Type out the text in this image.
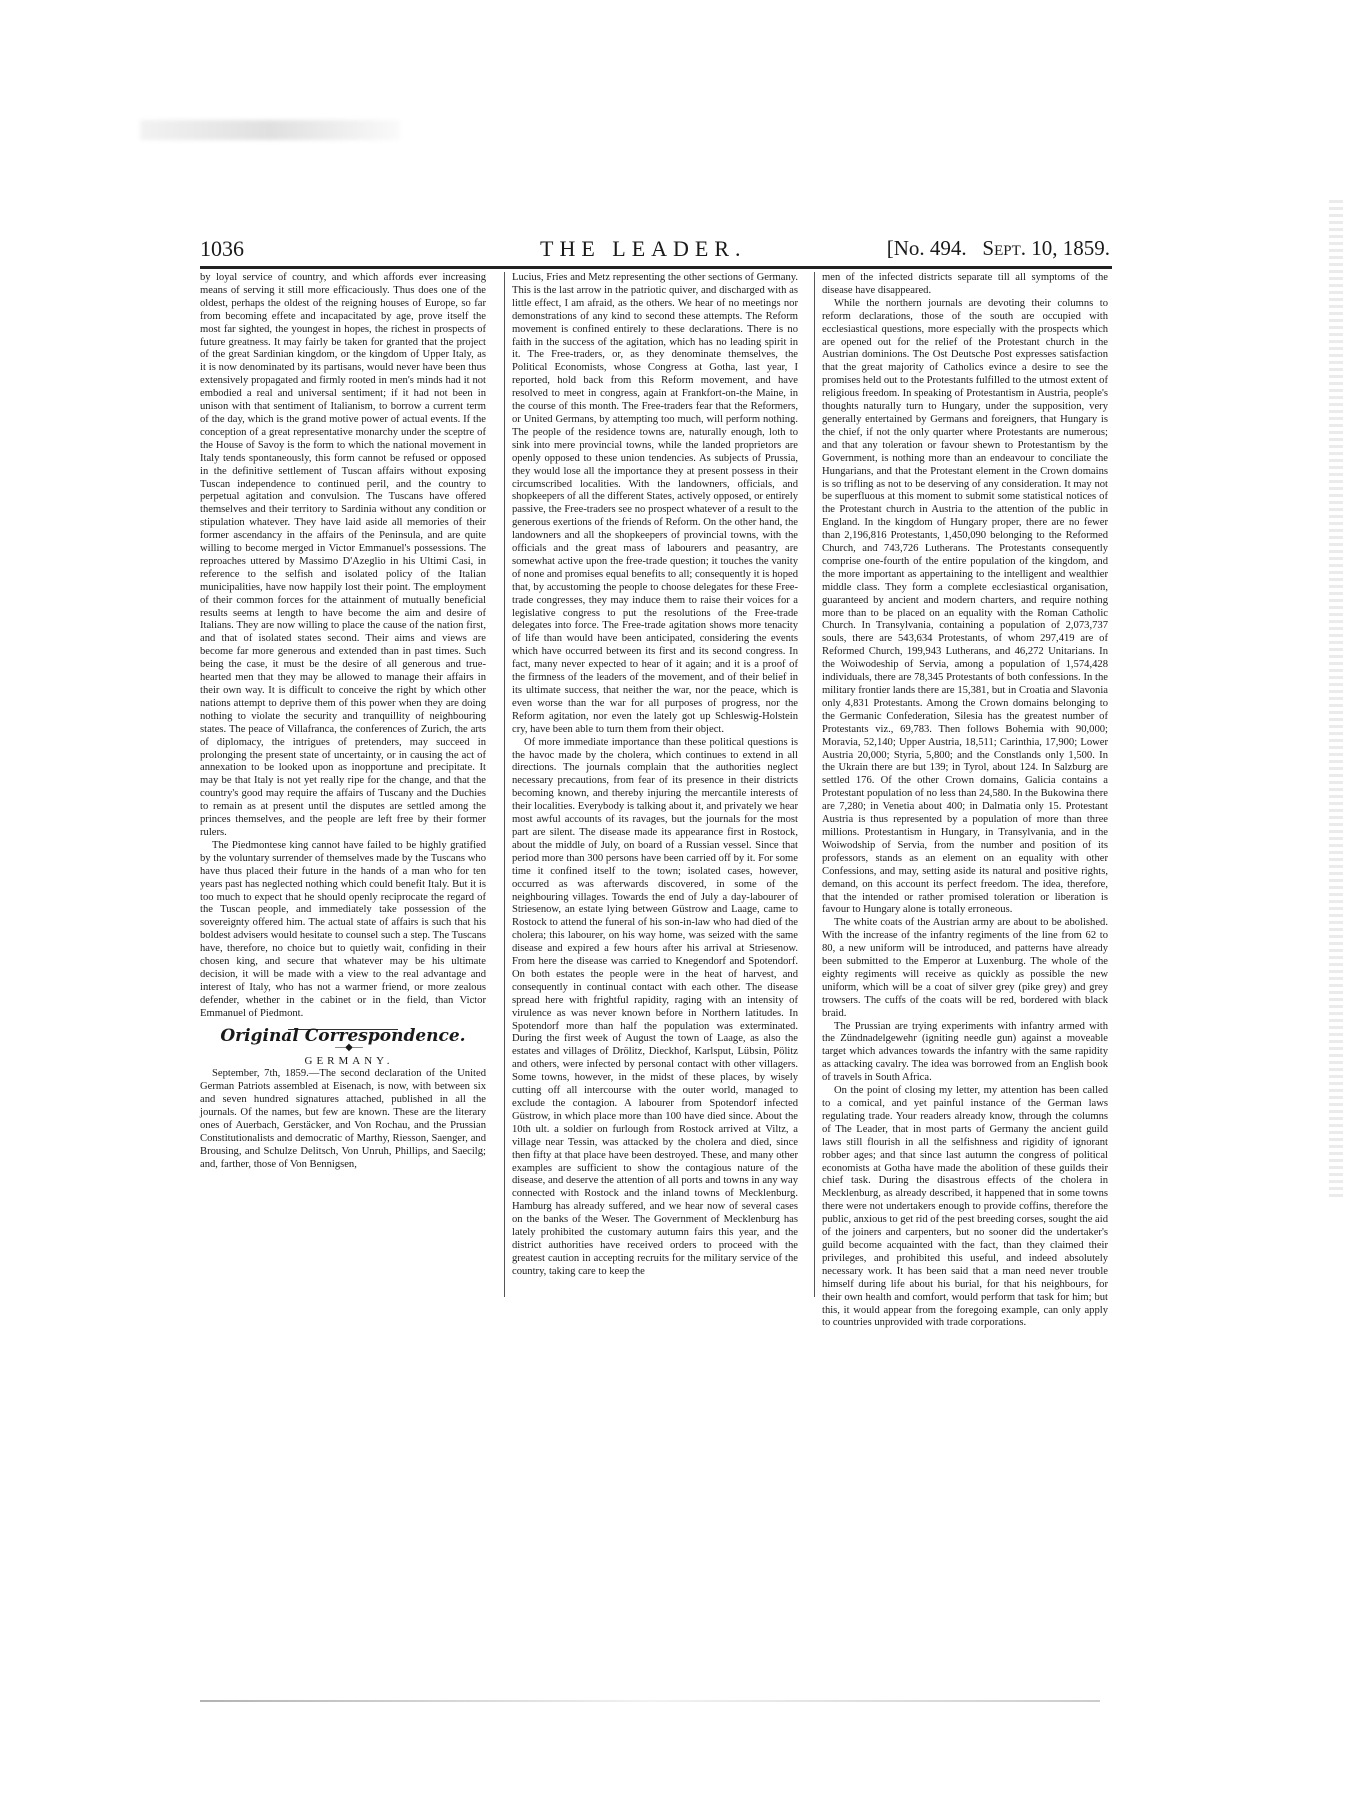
1036	THE LEADER.	[No. 494. Sept. 10, 1859.

by loyal service of country, and which affords ever increasing means of serving it still more efficaciously. Thus does one of the oldest, perhaps the oldest of the reigning houses of Europe, so far from becoming effete and incapacitated by age, prove itself the most far sighted, the youngest in hopes, the richest in prospects of future greatness. It may fairly be taken for granted that the project of the great Sardinian kingdom, or the kingdom of Upper Italy, as it is now denominated by its partisans, would never have been thus extensively propagated and firmly rooted in men's minds had it not embodied a real and universal sentiment; if it had not been in unison with that sentiment of Italianism, to borrow a current term of the day, which is the grand motive power of actual events. If the conception of a great representative monarchy under the sceptre of the House of Savoy is the form to which the national movement in Italy tends spontaneously, this form cannot be refused or opposed in the definitive settlement of Tuscan affairs without exposing Tuscan independence to continued peril, and the country to perpetual agitation and convulsion. The Tuscans have offered themselves and their territory to Sardinia without any condition or stipulation whatever. They have laid aside all memories of their former ascendancy in the affairs of the Peninsula, and are quite willing to become merged in Victor Emmanuel's possessions. The reproaches uttered by Massimo D'Azeglio in his Ultimi Casi, in reference to the selfish and isolated policy of the Italian municipalities, have now happily lost their point. The employment of their common forces for the attainment of mutually beneficial results seems at length to have become the aim and desire of Italians. They are now willing to place the cause of the nation first, and that of isolated states second. Their aims and views are become far more generous and extended than in past times. Such being the case, it must be the desire of all generous and true-hearted men that they may be allowed to manage their affairs in their own way. It is difficult to conceive the right by which other nations attempt to deprive them of this power when they are doing nothing to violate the security and tranquillity of neighbouring states. The peace of Villafranca, the conferences of Zurich, the arts of diplomacy, the intrigues of pretenders, may succeed in prolonging the present state of uncertainty, or in causing the act of annexation to be looked upon as inopportune and precipitate. It may be that Italy is not yet really ripe for the change, and that the country's good may require the affairs of Tuscany and the Duchies to remain as at present until the disputes are settled among the princes themselves, and the people are left free by their former rulers.

The Piedmontese king cannot have failed to be highly gratified by the voluntary surrender of themselves made by the Tuscans who have thus placed their future in the hands of a man who for ten years past has neglected nothing which could benefit Italy. But it is too much to expect that he should openly reciprocate the regard of the Tuscan people, and immediately take possession of the sovereignty offered him. The actual state of affairs is such that his boldest advisers would hesitate to counsel such a step. The Tuscans have, therefore, no choice but to quietly wait, confiding in their chosen king, and secure that whatever may be his ultimate decision, it will be made with a view to the real advantage and interest of Italy, who has not a warmer friend, or more zealous defender, whether in the cabinet or in the field, than Victor Emmanuel of Piedmont.

Original Correspondence.

—◆—

GERMANY.

September, 7th, 1859.—The second declaration of the United German Patriots assembled at Eisenach, is now, with between six and seven hundred signatures attached, published in all the journals. Of the names, but few are known. These are the literary ones of Auerbach, Gerstäcker, and Von Rochau, and the Prussian Constitutionalists and democratic of Marthy, Riesson, Saenger, and Brousing, and Schulze Delitsch, Von Unruh, Phillips, and Saecilg; and, farther, those of Von Bennigsen,

Lucius, Fries and Metz representing the other sections of Germany. This is the last arrow in the patriotic quiver, and discharged with as little effect, I am afraid, as the others. We hear of no meetings nor demonstrations of any kind to second these attempts. The Reform movement is confined entirely to these declarations. There is no faith in the success of the agitation, which has no leading spirit in it. The Free-traders, or, as they denominate themselves, the Political Economists, whose Congress at Gotha, last year, I reported, hold back from this Reform movement, and have resolved to meet in congress, again at Frankfort-on-the Maine, in the course of this month. The Free-traders fear that the Reformers, or United Germans, by attempting too much, will perform nothing. The people of the residence towns are, naturally enough, loth to sink into mere provincial towns, while the landed proprietors are openly opposed to these union tendencies. As subjects of Prussia, they would lose all the importance they at present possess in their circumscribed localities. With the landowners, officials, and shopkeepers of all the different States, actively opposed, or entirely passive, the Free-traders see no prospect whatever of a result to the generous exertions of the friends of Reform. On the other hand, the landowners and all the shopkeepers of provincial towns, with the officials and the great mass of labourers and peasantry, are somewhat active upon the free-trade question; it touches the vanity of none and promises equal benefits to all; consequently it is hoped that, by accustoming the people to choose delegates for these Free-trade congresses, they may induce them to raise their voices for a legislative congress to put the resolutions of the Free-trade delegates into force. The Free-trade agitation shows more tenacity of life than would have been anticipated, considering the events which have occurred between its first and its second congress. In fact, many never expected to hear of it again; and it is a proof of the firmness of the leaders of the movement, and of their belief in its ultimate success, that neither the war, nor the peace, which is even worse than the war for all purposes of progress, nor the Reform agitation, nor even the lately got up Schleswig-Holstein cry, have been able to turn them from their object.

Of more immediate importance than these political questions is the havoc made by the cholera, which continues to extend in all directions. The journals complain that the authorities neglect necessary precautions, from fear of its presence in their districts becoming known, and thereby injuring the mercantile interests of their localities. Everybody is talking about it, and privately we hear most awful accounts of its ravages, but the journals for the most part are silent. The disease made its appearance first in Rostock, about the middle of July, on board of a Russian vessel. Since that period more than 300 persons have been carried off by it. For some time it confined itself to the town; isolated cases, however, occurred as was afterwards discovered, in some of the neighbouring villages. Towards the end of July a day-labourer of Striesenow, an estate lying between Güstrow and Laage, came to Rostock to attend the funeral of his son-in-law who had died of the cholera; this labourer, on his way home, was seized with the same disease and expired a few hours after his arrival at Striesenow. From here the disease was carried to Knegendorf and Spotendorf. On both estates the people were in the heat of harvest, and consequently in continual contact with each other. The disease spread here with frightful rapidity, raging with an intensity of virulence as was never known before in Northern latitudes. In Spotendorf more than half the population was exterminated. During the first week of August the town of Laage, as also the estates and villages of Drölitz, Dieckhof, Karlsput, Lübsin, Pölitz and others, were infected by personal contact with other villagers. Some towns, however, in the midst of these places, by wisely cutting off all intercourse with the outer world, managed to exclude the contagion. A labourer from Spotendorf infected Güstrow, in which place more than 100 have died since. About the 10th ult. a soldier on furlough from Rostock arrived at Viltz, a village near Tessin, was attacked by the cholera and died, since then fifty at that place have been destroyed. These, and many other examples are sufficient to show the contagious nature of the disease, and deserve the attention of all ports and towns in any way connected with Rostock and the inland towns of Mecklenburg. Hamburg has already suffered, and we hear now of several cases on the banks of the Weser. The Government of Mecklenburg has lately prohibited the customary autumn fairs this year, and the district authorities have received orders to proceed with the greatest caution in accepting recruits for the military service of the country, taking care to keep the

men of the infected districts separate till all symptoms of the disease have disappeared.

While the northern journals are devoting their columns to reform declarations, those of the south are occupied with ecclesiastical questions, more especially with the prospects which are opened out for the relief of the Protestant church in the Austrian dominions. The Ost Deutsche Post expresses satisfaction that the great majority of Catholics evince a desire to see the promises held out to the Protestants fulfilled to the utmost extent of religious freedom. In speaking of Protestantism in Austria, people's thoughts naturally turn to Hungary, under the supposition, very generally entertained by Germans and foreigners, that Hungary is the chief, if not the only quarter where Protestants are numerous; and that any toleration or favour shewn to Protestantism by the Government, is nothing more than an endeavour to conciliate the Hungarians, and that the Protestant element in the Crown domains is so trifling as not to be deserving of any consideration. It may not be superfluous at this moment to submit some statistical notices of the Protestant church in Austria to the attention of the public in England. In the kingdom of Hungary proper, there are no fewer than 2,196,816 Protestants, 1,450,090 belonging to the Reformed Church, and 743,726 Lutherans. The Protestants consequently comprise one-fourth of the entire population of the kingdom, and the more important as appertaining to the intelligent and wealthier middle class. They form a complete ecclesiastical organisation, guaranteed by ancient and modern charters, and require nothing more than to be placed on an equality with the Roman Catholic Church. In Transylvania, containing a population of 2,073,737 souls, there are 543,634 Protestants, of whom 297,419 are of Reformed Church, 199,943 Lutherans, and 46,272 Unitarians. In the Woiwodeship of Servia, among a population of 1,574,428 individuals, there are 78,345 Protestants of both confessions. In the military frontier lands there are 15,381, but in Croatia and Slavonia only 4,831 Protestants. Among the Crown domains belonging to the Germanic Confederation, Silesia has the greatest number of Protestants viz., 69,783. Then follows Bohemia with 90,000; Moravia, 52,140; Upper Austria, 18,511; Carinthia, 17,900; Lower Austria 20,000; Styria, 5,800; and the Constlands only 1,500. In the Ukrain there are but 139; in Tyrol, about 124. In Salzburg are settled 176. Of the other Crown domains, Galicia contains a Protestant population of no less than 24,580. In the Bukowina there are 7,280; in Venetia about 400; in Dalmatia only 15. Protestant Austria is thus represented by a population of more than three millions. Protestantism in Hungary, in Transylvania, and in the Woiwodship of Servia, from the number and position of its professors, stands as an element on an equality with other Confessions, and may, setting aside its natural and positive rights, demand, on this account its perfect freedom. The idea, therefore, that the intended or rather promised toleration or liberation is favour to Hungary alone is totally erroneous.

The white coats of the Austrian army are about to be abolished. With the increase of the infantry regiments of the line from 62 to 80, a new uniform will be introduced, and patterns have already been submitted to the Emperor at Luxenburg. The whole of the eighty regiments will receive as quickly as possible the new uniform, which will be a coat of silver grey (pike grey) and grey trowsers. The cuffs of the coats will be red, bordered with black braid.

The Prussian are trying experiments with infantry armed with the Zündnadelgewehr (igniting needle gun) against a moveable target which advances towards the infantry with the same rapidity as attacking cavalry. The idea was borrowed from an English book of travels in South Africa.

On the point of closing my letter, my attention has been called to a comical, and yet painful instance of the German laws regulating trade. Your readers already know, through the columns of The Leader, that in most parts of Germany the ancient guild laws still flourish in all the selfishness and rigidity of ignorant robber ages; and that since last autumn the congress of political economists at Gotha have made the abolition of these guilds their chief task. During the disastrous effects of the cholera in Mecklenburg, as already described, it happened that in some towns there were not undertakers enough to provide coffins, therefore the public, anxious to get rid of the pest breeding corses, sought the aid of the joiners and carpenters, but no sooner did the undertaker's guild become acquainted with the fact, than they claimed their privileges, and prohibited this useful, and indeed absolutely necessary work. It has been said that a man need never trouble himself during life about his burial, for that his neighbours, for their own health and comfort, would perform that task for him; but this, it would appear from the foregoing example, can only apply to countries unprovided with trade corporations.
